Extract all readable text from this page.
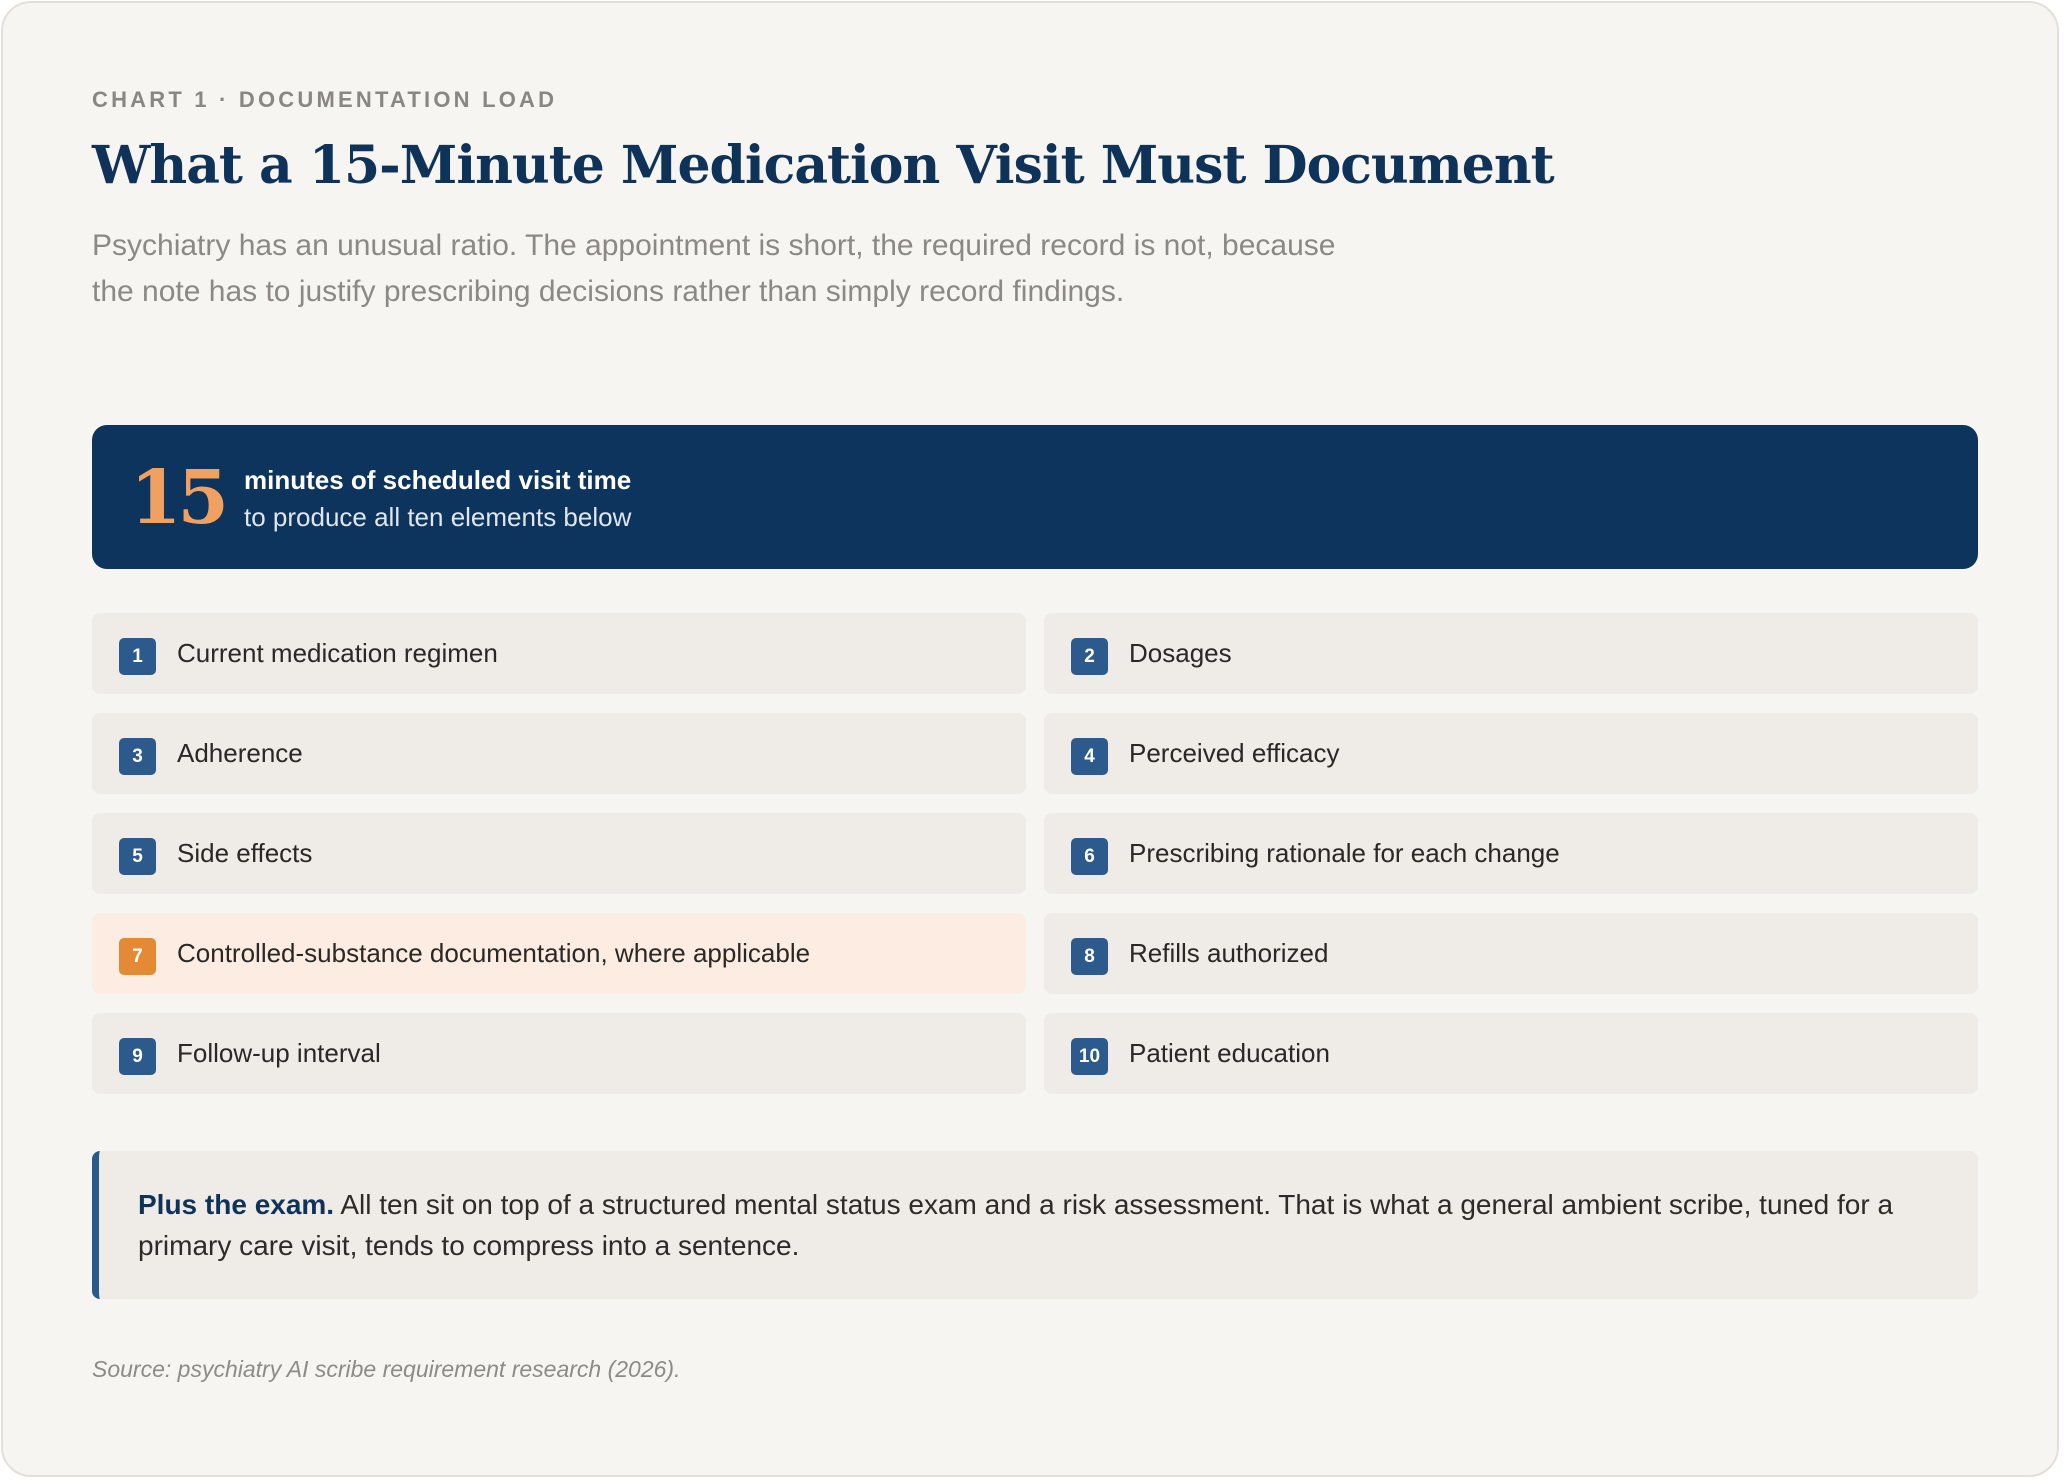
CHART 1 · DOCUMENTATION LOAD
What a 15-Minute Medication Visit Must Document

Psychiatry has an unusual ratio. The appointment is short, the required record is not, because the note has to justify prescribing decisions rather than simply record findings.

15 minutes of scheduled visit time
to produce all ten elements below
1	Current medication regimen	2	Dosages
3	Adherence	4	Perceived efficacy
5	Side effects	6	Prescribing rationale for each change
7	Controlled-substance documentation, where applicable	8	Refills authorized
9	Follow-up interval	10	Patient education

Plus the exam. All ten sit on top of a structured mental status exam and a risk assessment. That is what a general ambient scribe, tuned for a primary care visit, tends to compress into a sentence.

Source: psychiatry AI scribe requirement research (2026).
